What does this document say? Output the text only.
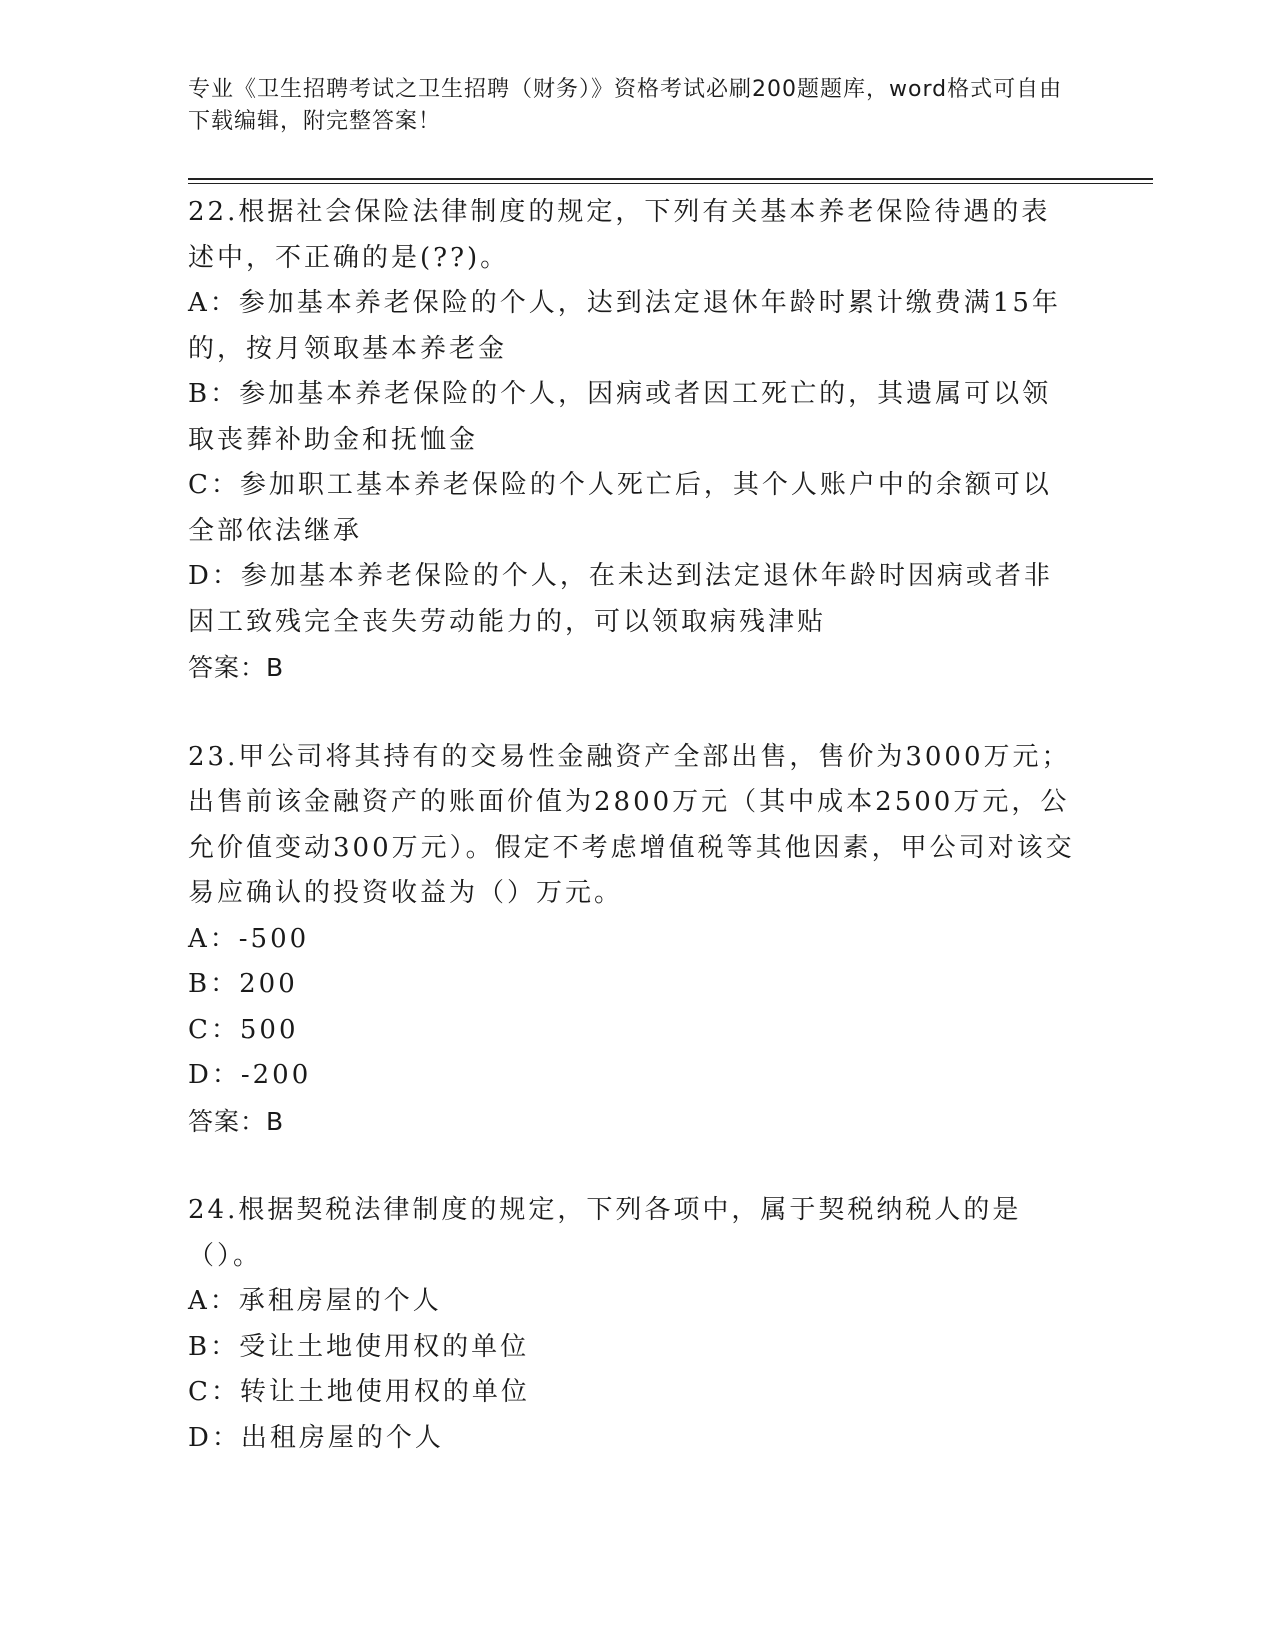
专业《卫生招聘考试之卫生招聘（财务）》资格考试必刷200题题库，word格式可自由下载编辑，附完整答案！

22.根据社会保险法律制度的规定，下列有关基本养老保险待遇的表述中，不正确的是(??)。

A：参加基本养老保险的个人，达到法定退休年龄时累计缴费满15年的，按月领取基本养老金

B：参加基本养老保险的个人，因病或者因工死亡的，其遗属可以领取丧葬补助金和抚恤金

C：参加职工基本养老保险的个人死亡后，其个人账户中的余额可以全部依法继承

D：参加基本养老保险的个人，在未达到法定退休年龄时因病或者非因工致残完全丧失劳动能力的，可以领取病残津贴

答案：B

23.甲公司将其持有的交易性金融资产全部出售，售价为3000万元；出售前该金融资产的账面价值为2800万元（其中成本2500万元，公允价值变动300万元）。假定不考虑增值税等其他因素，甲公司对该交易应确认的投资收益为（）万元。

A：-500

B：200

C：500

D：-200

答案：B

24.根据契税法律制度的规定，下列各项中，属于契税纳税人的是（）。

A：承租房屋的个人

B：受让土地使用权的单位

C：转让土地使用权的单位

D：出租房屋的个人
